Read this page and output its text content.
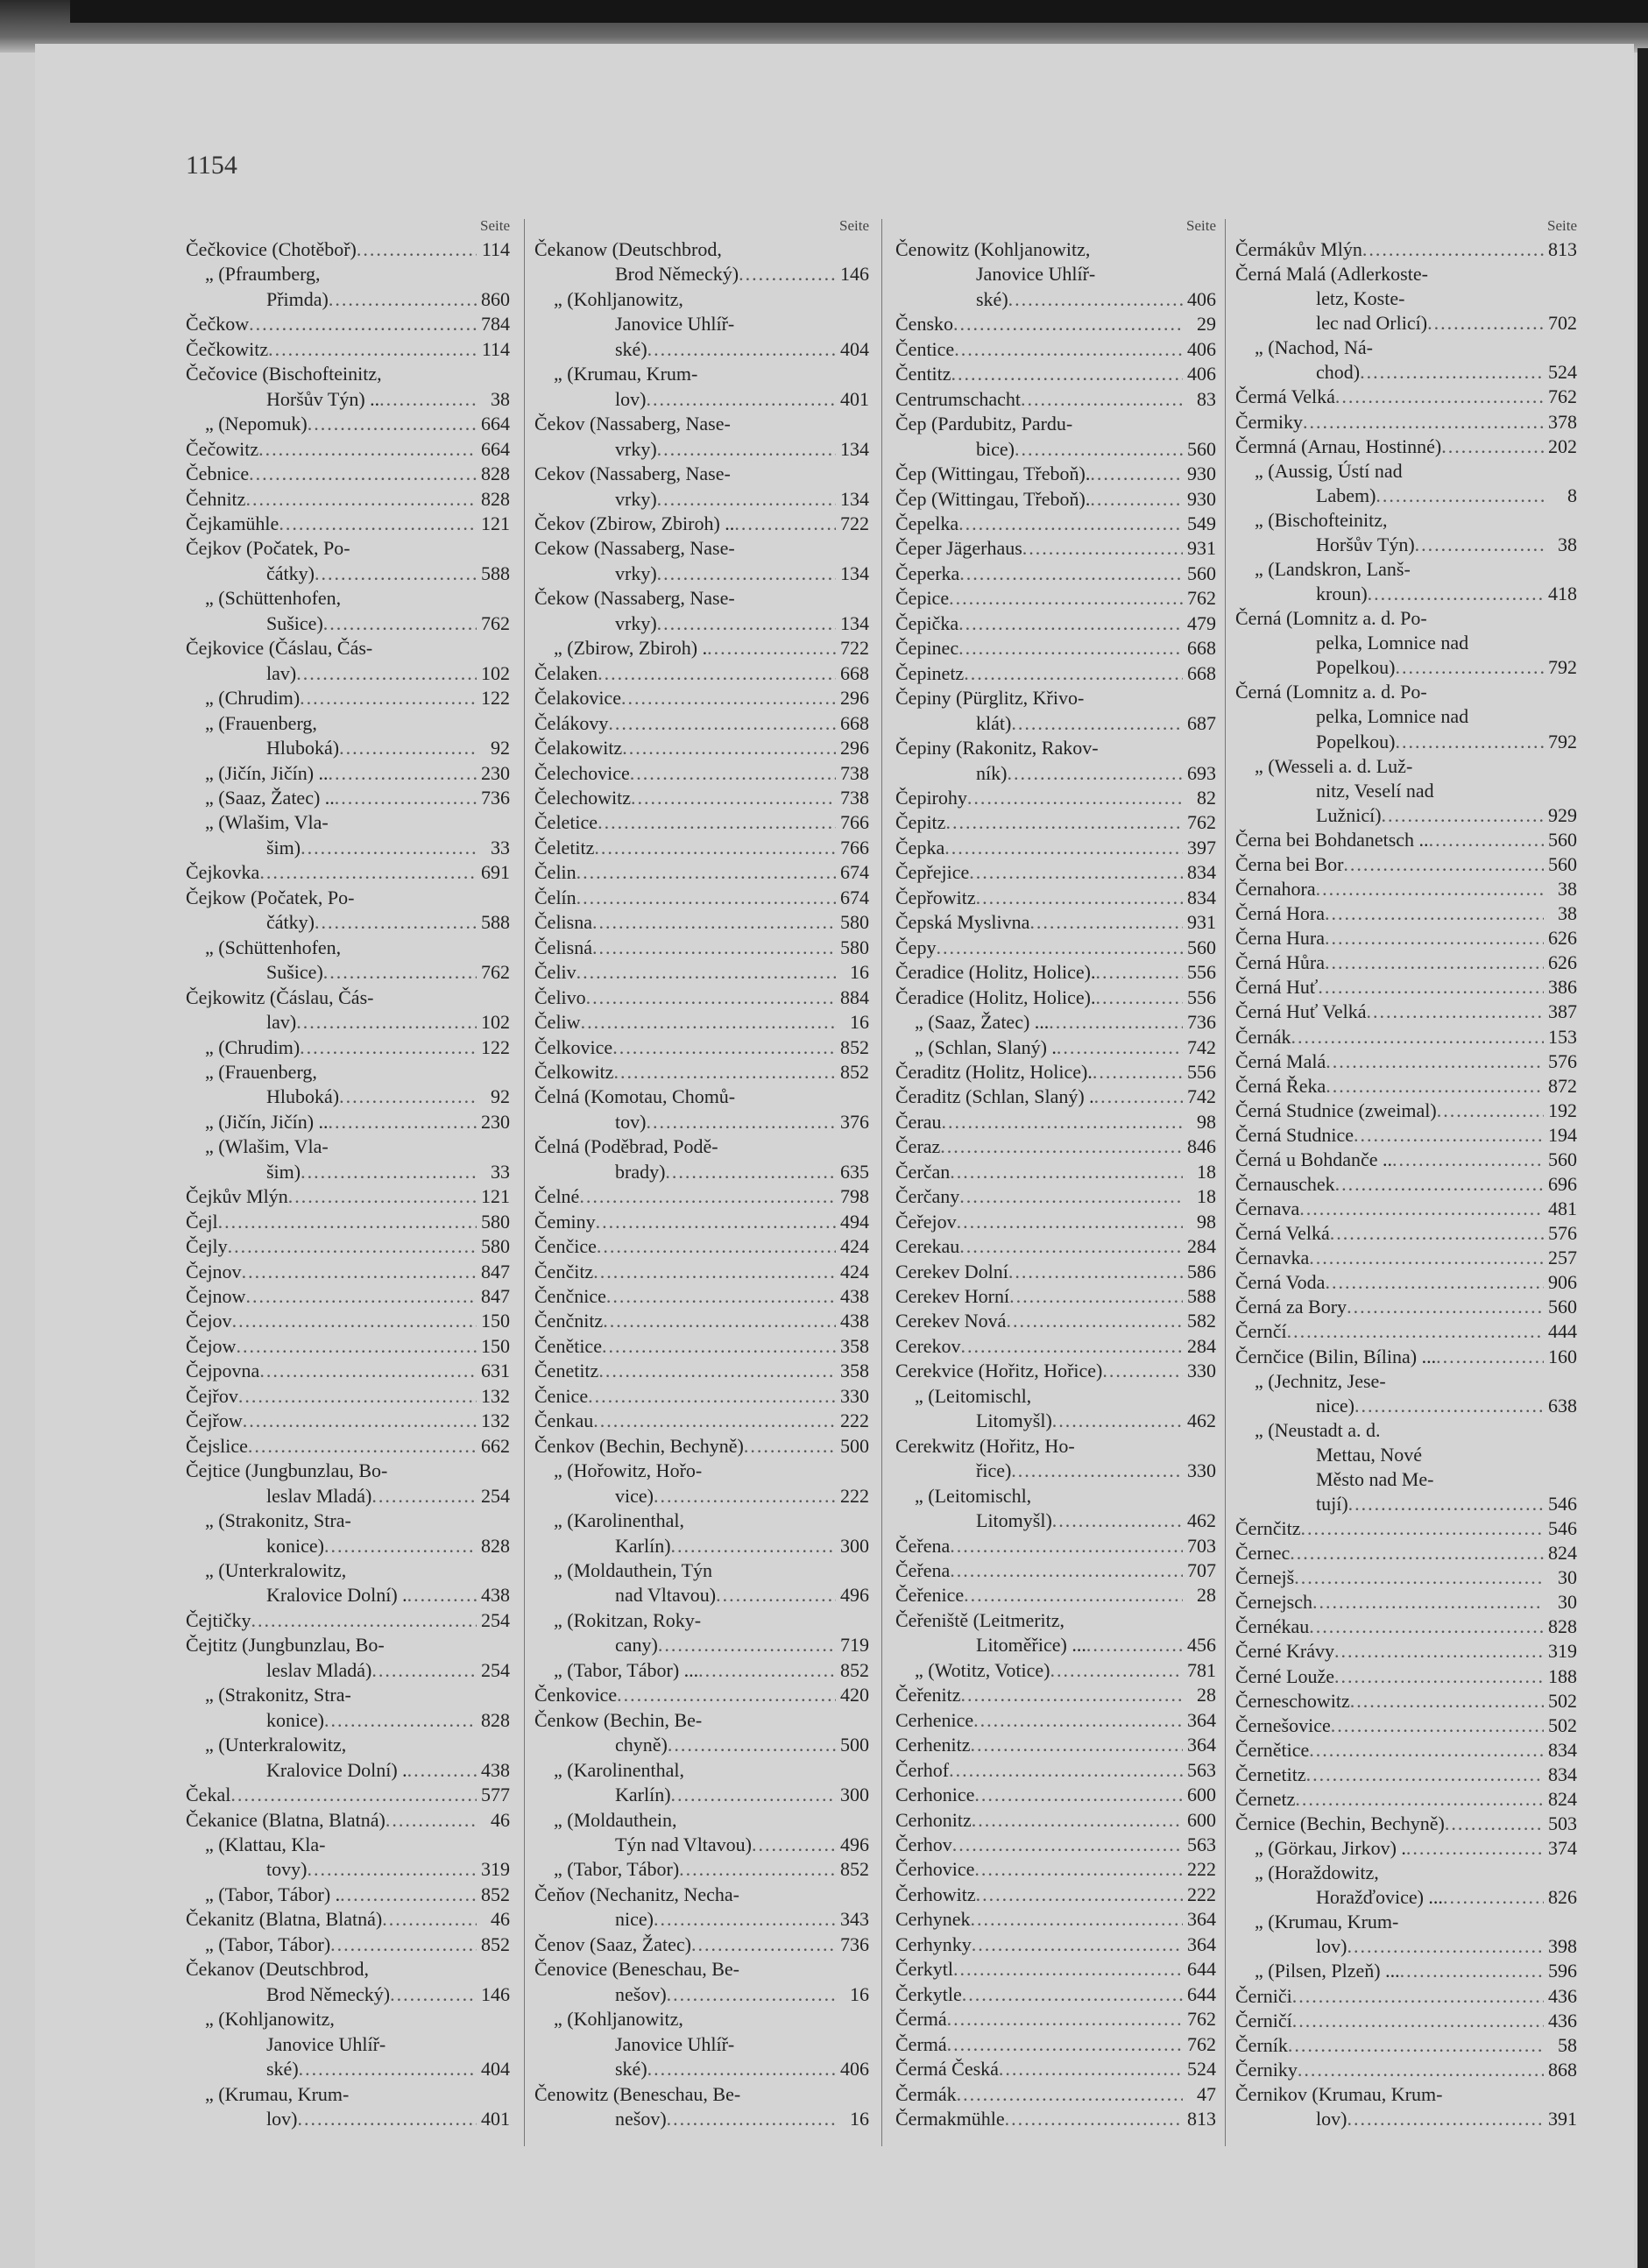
1154
Seite
Čečkovice (Chotěboř) .....	114
„ (Pfraumberg,
Přimda) .....	860
Čečkow .....	784
Čečkowitz .....	114
Čečovice (Bischofteinitz,
Horšův Týn) .. .....	38
„ (Nepomuk) .....	664
Čečowitz .....	664
Čebnice .....	828
Čehnitz .....	828
Čejkamühle .....	121
Čejkov (Počatek, Po-
čátky) .....	588
„ (Schüttenhofen,
Sušice) .....	762
Čejkovice (Čáslau, Čás-
lav) .....	102
„ (Chrudim) .....	122
„ (Frauenberg,
Hluboká) .....	92
„ (Jičín, Jičín) .. .....	230
„ (Saaz, Žatec) .. .....	736
„ (Wlašim, Vla-
šim) .....	33
Čejkovka .....	691
Čejkow (Počatek, Po-
čátky) .....	588
„ (Schüttenhofen,
Sušice) .....	762
Čejkowitz (Čáslau, Čás-
lav) .....	102
„ (Chrudim) .....	122
„ (Frauenberg,
Hluboká) .....	92
„ (Jičín, Jičín) .. .....	230
„ (Wlašim, Vla-
šim) .....	33
Čejkův Mlýn .....	121
Čejl .....	580
Čejly .....	580
Čejnov .....	847
Čejnow .....	847
Čejov .....	150
Čejow .....	150
Čejpovna .....	631
Čejřov .....	132
Čejřow .....	132
Čejslice .....	662
Čejtice (Jungbunzlau, Bo-
leslav Mladá) .....	254
„ (Strakonitz, Stra-
konice) .....	828
„ (Unterkralowitz,
Kralovice Dolní) . .....	438
Čejtičky .....	254
Čejtitz (Jungbunzlau, Bo-
leslav Mladá) .....	254
„ (Strakonitz, Stra-
konice) .....	828
„ (Unterkralowitz,
Kralovice Dolní) . .....	438
Čekal .....	577
Čekanice (Blatna, Blatná) .....	46
„ (Klattau, Kla-
tovy) .....	319
„ (Tabor, Tábor) . .....	852
Čekanitz (Blatna, Blatná) .....	46
„ (Tabor, Tábor) .....	852
Čekanov (Deutschbrod,
Brod Německý) .....	146
„ (Kohljanowitz,
Janovice Uhlíř-
ské) .....	404
„ (Krumau, Krum-
lov) .....	401
Seite
Čekanow (Deutschbrod,
Brod Německý) .....	146
„ (Kohljanowitz,
Janovice Uhlíř-
ské) .....	404
„ (Krumau, Krum-
lov) .....	401
Čekov (Nassaberg, Nase-
vrky) .....	134
Cekov (Nassaberg, Nase-
vrky) .....	134
Čekov (Zbirow, Zbiroh) .. .....	722
Cekow (Nassaberg, Nase-
vrky) .....	134
Čekow (Nassaberg, Nase-
vrky) .....	134
„ (Zbirow, Zbiroh) . .....	722
Čelaken .....	668
Čelakovice .....	296
Čelákovy .....	668
Čelakowitz .....	296
Čelechovice .....	738
Čelechowitz .....	738
Čeletice .....	766
Čeletitz .....	766
Čelin .....	674
Čelín .....	674
Čelisna .....	580
Čelisná .....	580
Čeliv .....	16
Čelivo .....	884
Čeliw .....	16
Čelkovice .....	852
Čelkowitz .....	852
Čelná (Komotau, Chomů-
tov) .....	376
Čelná (Poděbrad, Podě-
brady) .....	635
Čelné .....	798
Čeminy .....	494
Čenčice .....	424
Čenčitz .....	424
Čenčnice .....	438
Čenčnitz .....	438
Čenětice .....	358
Čenetitz .....	358
Čenice .....	330
Čenkau .....	222
Čenkov (Bechin, Bechyně) .....	500
„ (Hořowitz, Hořo-
vice) .....	222
„ (Karolinenthal,
Karlín) .....	300
„ (Moldauthein, Týn
nad Vltavou) .....	496
„ (Rokitzan, Roky-
cany) .....	719
„ (Tabor, Tábor) ... .....	852
Čenkovice .....	420
Čenkow (Bechin, Be-
chyně) .....	500
„ (Karolinenthal,
Karlín) .....	300
„ (Moldauthein,
Týn nad Vltavou) .....	496
„ (Tabor, Tábor) .....	852
Čeňov (Nechanitz, Necha-
nice) .....	343
Čenov (Saaz, Žatec) .....	736
Čenovice (Beneschau, Be-
nešov) .....	16
„ (Kohljanowitz,
Janovice Uhlíř-
ské) .....	406
Čenowitz (Beneschau, Be-
nešov) .....	16
Seite
Čenowitz (Kohljanowitz,
Janovice Uhlíř-
ské) .....	406
Čensko .....	29
Čentice .....	406
Čentitz .....	406
Centrumschacht .....	83
Čep (Pardubitz, Pardu-
bice) .....	560
Čep (Wittingau, Třeboň). .....	930
Čep (Wittingau, Třeboň). .....	930
Čepelka .....	549
Čeper Jägerhaus .....	931
Čeperka .....	560
Čepice .....	762
Čepička .....	479
Čepinec .....	668
Čepinetz .....	668
Čepiny (Pürglitz, Křivo-
klát) .....	687
Čepiny (Rakonitz, Rakov-
ník) .....	693
Čepirohy .....	82
Čepitz .....	762
Čepka .....	397
Čepřejice .....	834
Čepřowitz .....	834
Čepská Myslivna .....	931
Čepy .....	560
Čeradice (Holitz, Holice). .....	556
Čeradice (Holitz, Holice). .....	556
„ (Saaz, Žatec) ... .....	736
„ (Schlan, Slaný) . .....	742
Čeraditz (Holitz, Holice). .....	556
Čeraditz (Schlan, Slaný) . .....	742
Čerau .....	98
Čeraz .....	846
Čerčan .....	18
Čerčany .....	18
Čeřejov .....	98
Cerekau .....	284
Cerekev Dolní .....	586
Cerekev Horní .....	588
Cerekev Nová .....	582
Cerekov .....	284
Cerekvice (Hořitz, Hořice) .....	330
„ (Leitomischl,
Litomyšl) .....	462
Cerekwitz (Hořitz, Ho-
řice) .....	330
„ (Leitomischl,
Litomyšl) .....	462
Čeřena .....	703
Čeřena .....	707
Čeřenice .....	28
Čeřeniště (Leitmeritz,
Litoměřice) ... .....	456
„ (Wotitz, Votice) .....	781
Čeřenitz .....	28
Cerhenice .....	364
Cerhenitz .....	364
Čerhof .....	563
Cerhonice .....	600
Cerhonitz .....	600
Čerhov .....	563
Čerhovice .....	222
Čerhowitz .....	222
Cerhynek .....	364
Cerhynky .....	364
Čerkytl .....	644
Čerkytle .....	644
Čermá .....	762
Čermá .....	762
Čermá Česká .....	524
Čermák .....	47
Čermakmühle .....	813
Seite
Čermákův Mlýn .....	813
Černá Malá (Adlerkoste-
letz, Koste-
lec nad Orlicí) .....	702
„ (Nachod, Ná-
chod) .....	524
Čermá Velká .....	762
Čermiky .....	378
Čermná (Arnau, Hostinné) .....	202
„ (Aussig, Ústí nad
Labem) .....	8
„ (Bischofteinitz,
Horšův Týn) .....	38
„ (Landskron, Lanš-
kroun) .....	418
Černá (Lomnitz a. d. Po-
pelka, Lomnice nad
Popelkou) .....	792
Černá (Lomnitz a. d. Po-
pelka, Lomnice nad
Popelkou) .....	792
„ (Wesseli a. d. Luž-
nitz, Veselí nad
Lužnicí) .....	929
Černa bei Bohdanetsch .. .....	560
Černa bei Bor .....	560
Černahora .....	38
Černá Hora .....	38
Černa Hura .....	626
Černá Hůra .....	626
Černá Huť .....	386
Černá Huť Velká .....	387
Černák .....	153
Černá Malá .....	576
Černá Řeka .....	872
Černá Studnice (zweimal) .....	192
Černá Studnice .....	194
Černá u Bohdanče .. .....	560
Černauschek .....	696
Černava .....	481
Černá Velká .....	576
Černavka .....	257
Černá Voda .....	906
Černá za Bory .....	560
Černčí .....	444
Černčice (Bilin, Bílina) ... .....	160
„ (Jechnitz, Jese-
nice) .....	638
„ (Neustadt a. d.
Mettau, Nové
Město nad Me-
tují) .....	546
Černčitz .....	546
Černec .....	824
Černejš .....	30
Černejsch .....	30
Černékau .....	828
Černé Krávy .....	319
Černé Louže .....	188
Černeschowitz .....	502
Černešovice .....	502
Černětice .....	834
Černetitz .....	834
Černetz .....	824
Černice (Bechin, Bechyně) .....	503
„ (Görkau, Jirkov) . .....	374
„ (Horaždowitz,
Horažďovice) ... .....	826
„ (Krumau, Krum-
lov) .....	398
„ (Pilsen, Plzeň) ... .....	596
Černiči .....	436
Černičí .....	436
Černík .....	58
Černiky .....	868
Černikov (Krumau, Krum-
lov) .....	391
